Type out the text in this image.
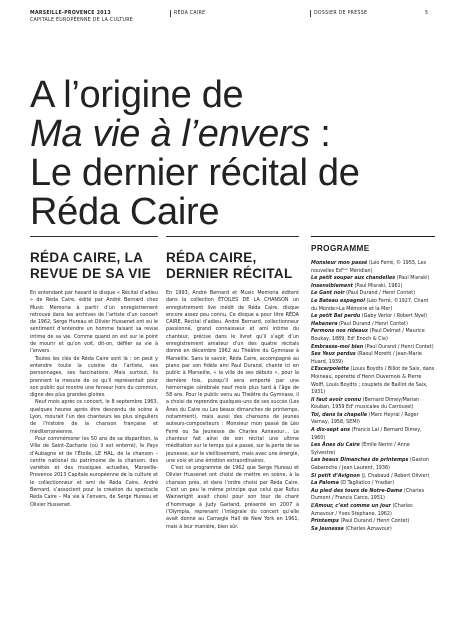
MARSEILLE-PROVENCE 2013
CAPITALE EUROPÉENNE DE LA CULTURE
RÉDA CAIRE	DOSSIER DE PRESSE	5
A l’origine de
Ma vie à l’envers :
Le dernier récital de
Réda Caire
RÉDA CAIRE, LA REVUE DE SA VIE

En entendant par hasard le disque « Récital d’adieu » de Réda Caire, édité par André Bernard chez Music Memoria à partir d’un enregistrement retrouvé dans les archives de l’artiste d’un concert de 1962, Serge Hureau et Olivier Hussenet ont eu le sentiment d’entendre un homme faisant sa revue intime de sa vie. Comme quand on est sur le point de mourir et qu’on voit, dit-on, défiler sa vie à l’envers.

Toutes les clés de Réda Caire sont là : on peut y entendre toute la cuisine de l’artiste, ses personnages, ses fascinations. Mais surtout, ils prennent la mesure de ce qu’il représentait pour son public qui montre une ferveur hors du commun, digne des plus grandes gloires.

Neuf mois après ce concert, le 8 septembre 1963, quelques heures après être descendu de scène à Lyon, mourait l’un des chanteurs les plus singuliers de l’histoire de la chanson française et méditerranéenne.

Pour commémorer les 50 ans de sa disparition, la Ville de Saint-Zacharie (où il est enterré), le Pays d’Aubagne et de l’Étoile, LE HAL, de la chanson – centre national du patrimoine de la chanson, des variétés et des musiques actuelles, Marseille-Provence 2013 Capitale européenne de la culture et le collectionneur et ami de Réda Caire, André Bernard, s’associent pour la création du spectacle Réda Caire – Ma vie à l’envers, de Serge Hureau et Olivier Hussenet.

RÉDA CAIRE, DERNIER RÉCITAL

En 1993, André Bernard et Music Memoria éditent dans la collection ÉTOILES DE LA CHANSON un enregistrement live inédit de Réda Caire, disque encore assez peu connu. Ce disque a pour titre RÉDA CAIRE, Récital d’adieu. André Bernard, collectionneur passionné, grand connaisseur et ami intime du chanteur, précise dans le livret qu’il s’agit d’un enregistrement amateur d’un des quatre récitals donné en décembre 1962 au Théâtre du Gymnase à Marseille. Sans le savoir, Réda Caire, accompagné au piano par son fidèle ami Paul Durand, chante ici en public à Marseille, « la ville de ses débuts », pour la dernière fois, puisqu’il sera emporté par une hémorragie cérébrale neuf mois plus tard à l’âge de 58 ans. Pour le public venu au Théâtre du Gymnase, il a choisi de reprendre quelques-uns de ses succès (Les Ânes du Caire ou Les beaux dimanches de printemps, notamment), mais aussi des chansons de jeunes auteurs-compositeurs : Monsieur mon passé de Léo Ferré ou Sa Jeunesse de Charles Aznavour… Le chanteur fait ainsi de son récital une ultime méditation sur le temps qui a passé, sur la perte de sa jeunesse, sur le vieillissement, mais avec une énergie, une voix et une émotion extraordinaires.

C’est ce programme de 1962 que Serge Hureau et Olivier Hussenet ont choisi de mettre en scène, à la chanson près, et dans l’ordre choisi par Réda Caire. C’est un peu le même principe que celui que Rufus Wainwright avait choisi pour son tour de chant d’hommage à Judy Garland, présenté en 2007 à l’Olympia, reprenant l’intégrale du concert qu’elle avait donné au Carnegie Hall de New York en 1961, mais à leur manière, bien sûr.

PROGRAMME

Monsieur mon passé (Léo Ferré, © 1955, Les nouvelles Edᵗⁱᵒⁿ Méridian)

Le petit souper aux chandelles (Paul Misraki)

Insensiblement (Paul Misraki, 1961)

Le Gant noir (Paul Durand / Henri Contet)

Le Bateau espagnol (Léo Ferré, ©1927, Chant du Monde>La Mémoire et la Mer)

Le petit Bal perdu (Gaby Verlor / Robert Nyel)

Habanera (Paul Durand / Henri Contet)

Fermons nos rideaux (Paul Delmet / Maurice Boukay, 1889, Edᵗ Enoch & Cie)

Embrasse-moi bien (Paul Durand / Henri Contet)

Ses Yeux perdus (Raoul Moretti / Jean-Marie Huard, 1939)

L’Escarpolette (Louis Boydts / Billot de Saix, dans Moineau, opérette d’Henri Duvernois & Pierre Wolff, Louis Boydts ; couplets de Baillot de Saix, 1931)

Il faut avoir connu (Bernard Dimey/Marian Kouban, 1959 Edᵗ musicales du Carrousel)

Toi, dans ta chapelle (Marc Heyral / Roger Varnay, 1958, SEMI)

A dix-sept ans (Francis Lai / Bernard Dimey, 1960)

Les Ânes du Caire (Émile Nerini / Anne Sylvestre)

Les beaux Dimanches de printemps (Gaston Gabaroche / Jean Laurent, 1936)

Si petit d’Avignon (J. Chabaud / Robert Olivier)

La Paloma (D Tagliatico / Yradier)

Au pied des tours de Notre-Dame (Charles Dumont / Francis Carco, 1951)

L’Amour, c’est comme un jour (Charles Aznavour / Yves Stéphane, 1962)

Printemps (Paul Durand / Henri Contet)

Sa Jeunesse (Charles Aznavour)
